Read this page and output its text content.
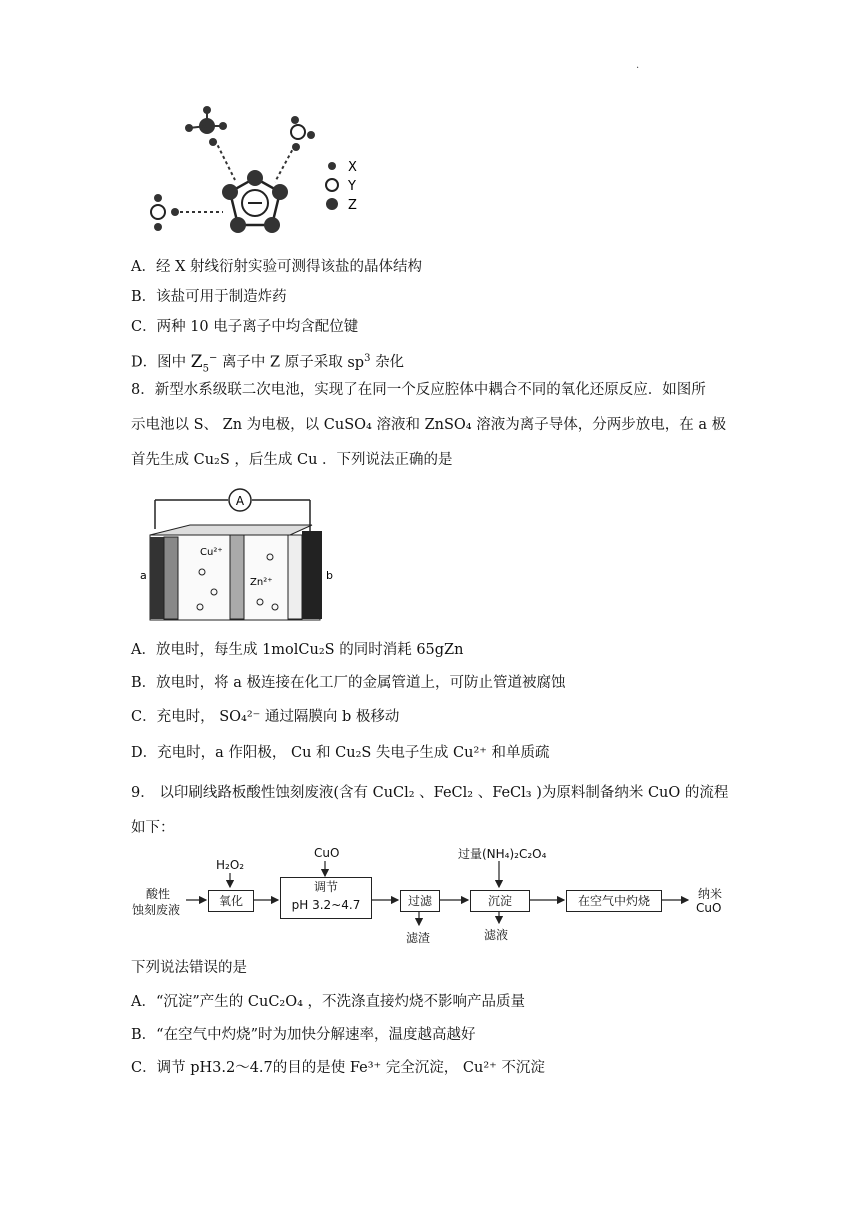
.
X
Y
Z
A．经 X 射线衍射实验可测得该盐的晶体结构
B．该盐可用于制造炸药
C．两种 10 电子离子中均含配位键
D．图中 $Z_5^-$ 离子中 Z 原子采取 $sp^3$ 杂化
8．新型水系级联二次电池，实现了在同一个反应腔体中耦合不同的氧化还原反应．如图所
示电池以 S、 Zn 为电极，以 CuSO₄ 溶液和 ZnSO₄ 溶液为离子导体，分两步放电，在 a 极
首先生成 Cu₂S ，后生成 Cu ．下列说法正确的是
A
a	b
Cu²⁺
Zn²⁺
A．放电时，每生成 1molCu₂S 的同时消耗 65gZn
B．放电时，将 a 极连接在化工厂的金属管道上，可防止管道被腐蚀
C．充电时， SO₄²⁻ 通过隔膜向 b 极移动
D．充电时，a 作阳极， Cu 和 Cu₂S 失电子生成 Cu²⁺ 和单质疏
9． 以印刷线路板酸性蚀刻废液(含有 CuCl₂ 、FeCl₂ 、FeCl₃ )为原料制备纳米 CuO 的流程
如下：
酸性
蚀刻废液
H₂O₂
氧化
CuO
调节
pH 3.2~4.7	过滤
滤渣
过量(NH₄)₂C₂O₄
沉淀
滤液
在空气中灼烧	纳米
CuO
下列说法错误的是
A．“沉淀”产生的 CuC₂O₄ ，不洗涤直接灼烧不影响产品质量
B．“在空气中灼烧”时为加快分解速率，温度越高越好
C．调节 pH3.2～4.7的目的是使 Fe³⁺ 完全沉淀， Cu²⁺ 不沉淀
